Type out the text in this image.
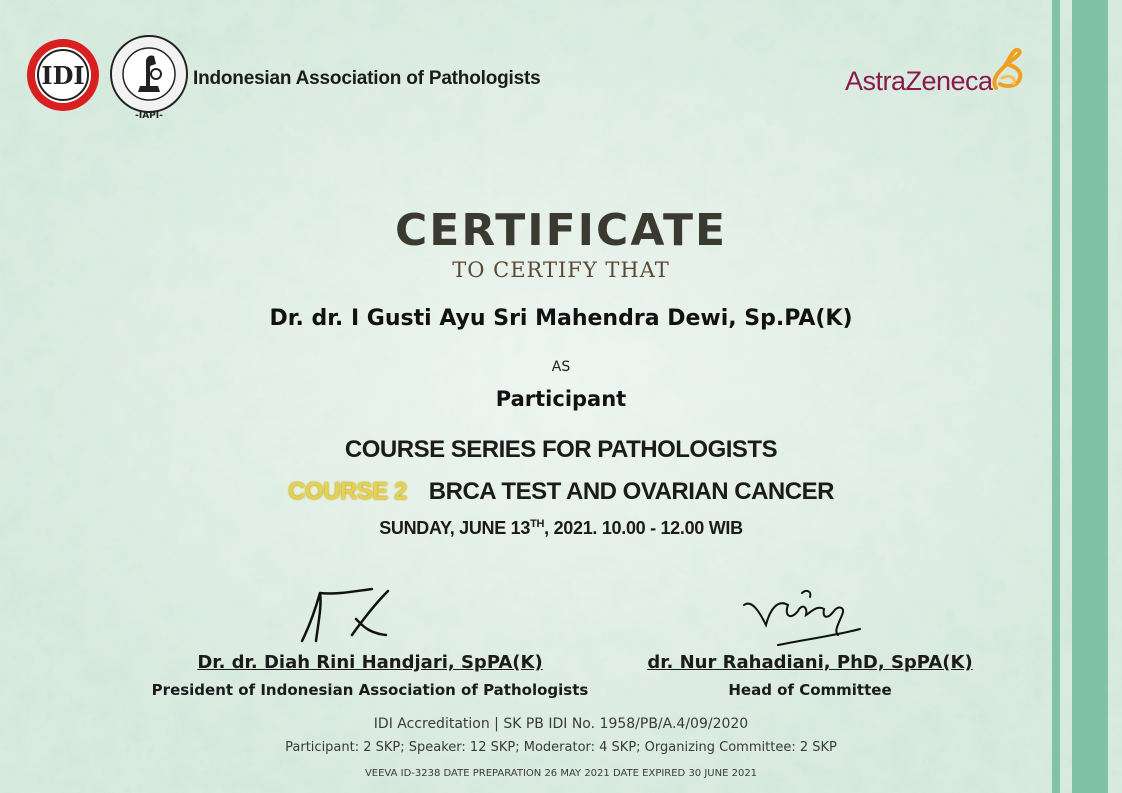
IDI
-IAPI-
Indonesian Association of Pathologists	AstraZeneca
CERTIFICATE
TO CERTIFY THAT
Dr. dr. I Gusti Ayu Sri Mahendra Dewi, Sp.PA(K)
AS
Participant
COURSE SERIES FOR PATHOLOGISTS
COURSE 2 BRCA TEST AND OVARIAN CANCER
SUNDAY, JUNE 13TH, 2021. 10.00 - 12.00 WIB
Dr. dr. Diah Rini Handjari, SpPA(K)
President of Indonesian Association of Pathologists
dr. Nur Rahadiani, PhD, SpPA(K)
Head of Committee
IDI Accreditation | SK PB IDI No. 1958/PB/A.4/09/2020
Participant: 2 SKP; Speaker: 12 SKP; Moderator: 4 SKP; Organizing Committee: 2 SKP
VEEVA ID-3238 DATE PREPARATION 26 MAY 2021 DATE EXPIRED 30 JUNE 2021
